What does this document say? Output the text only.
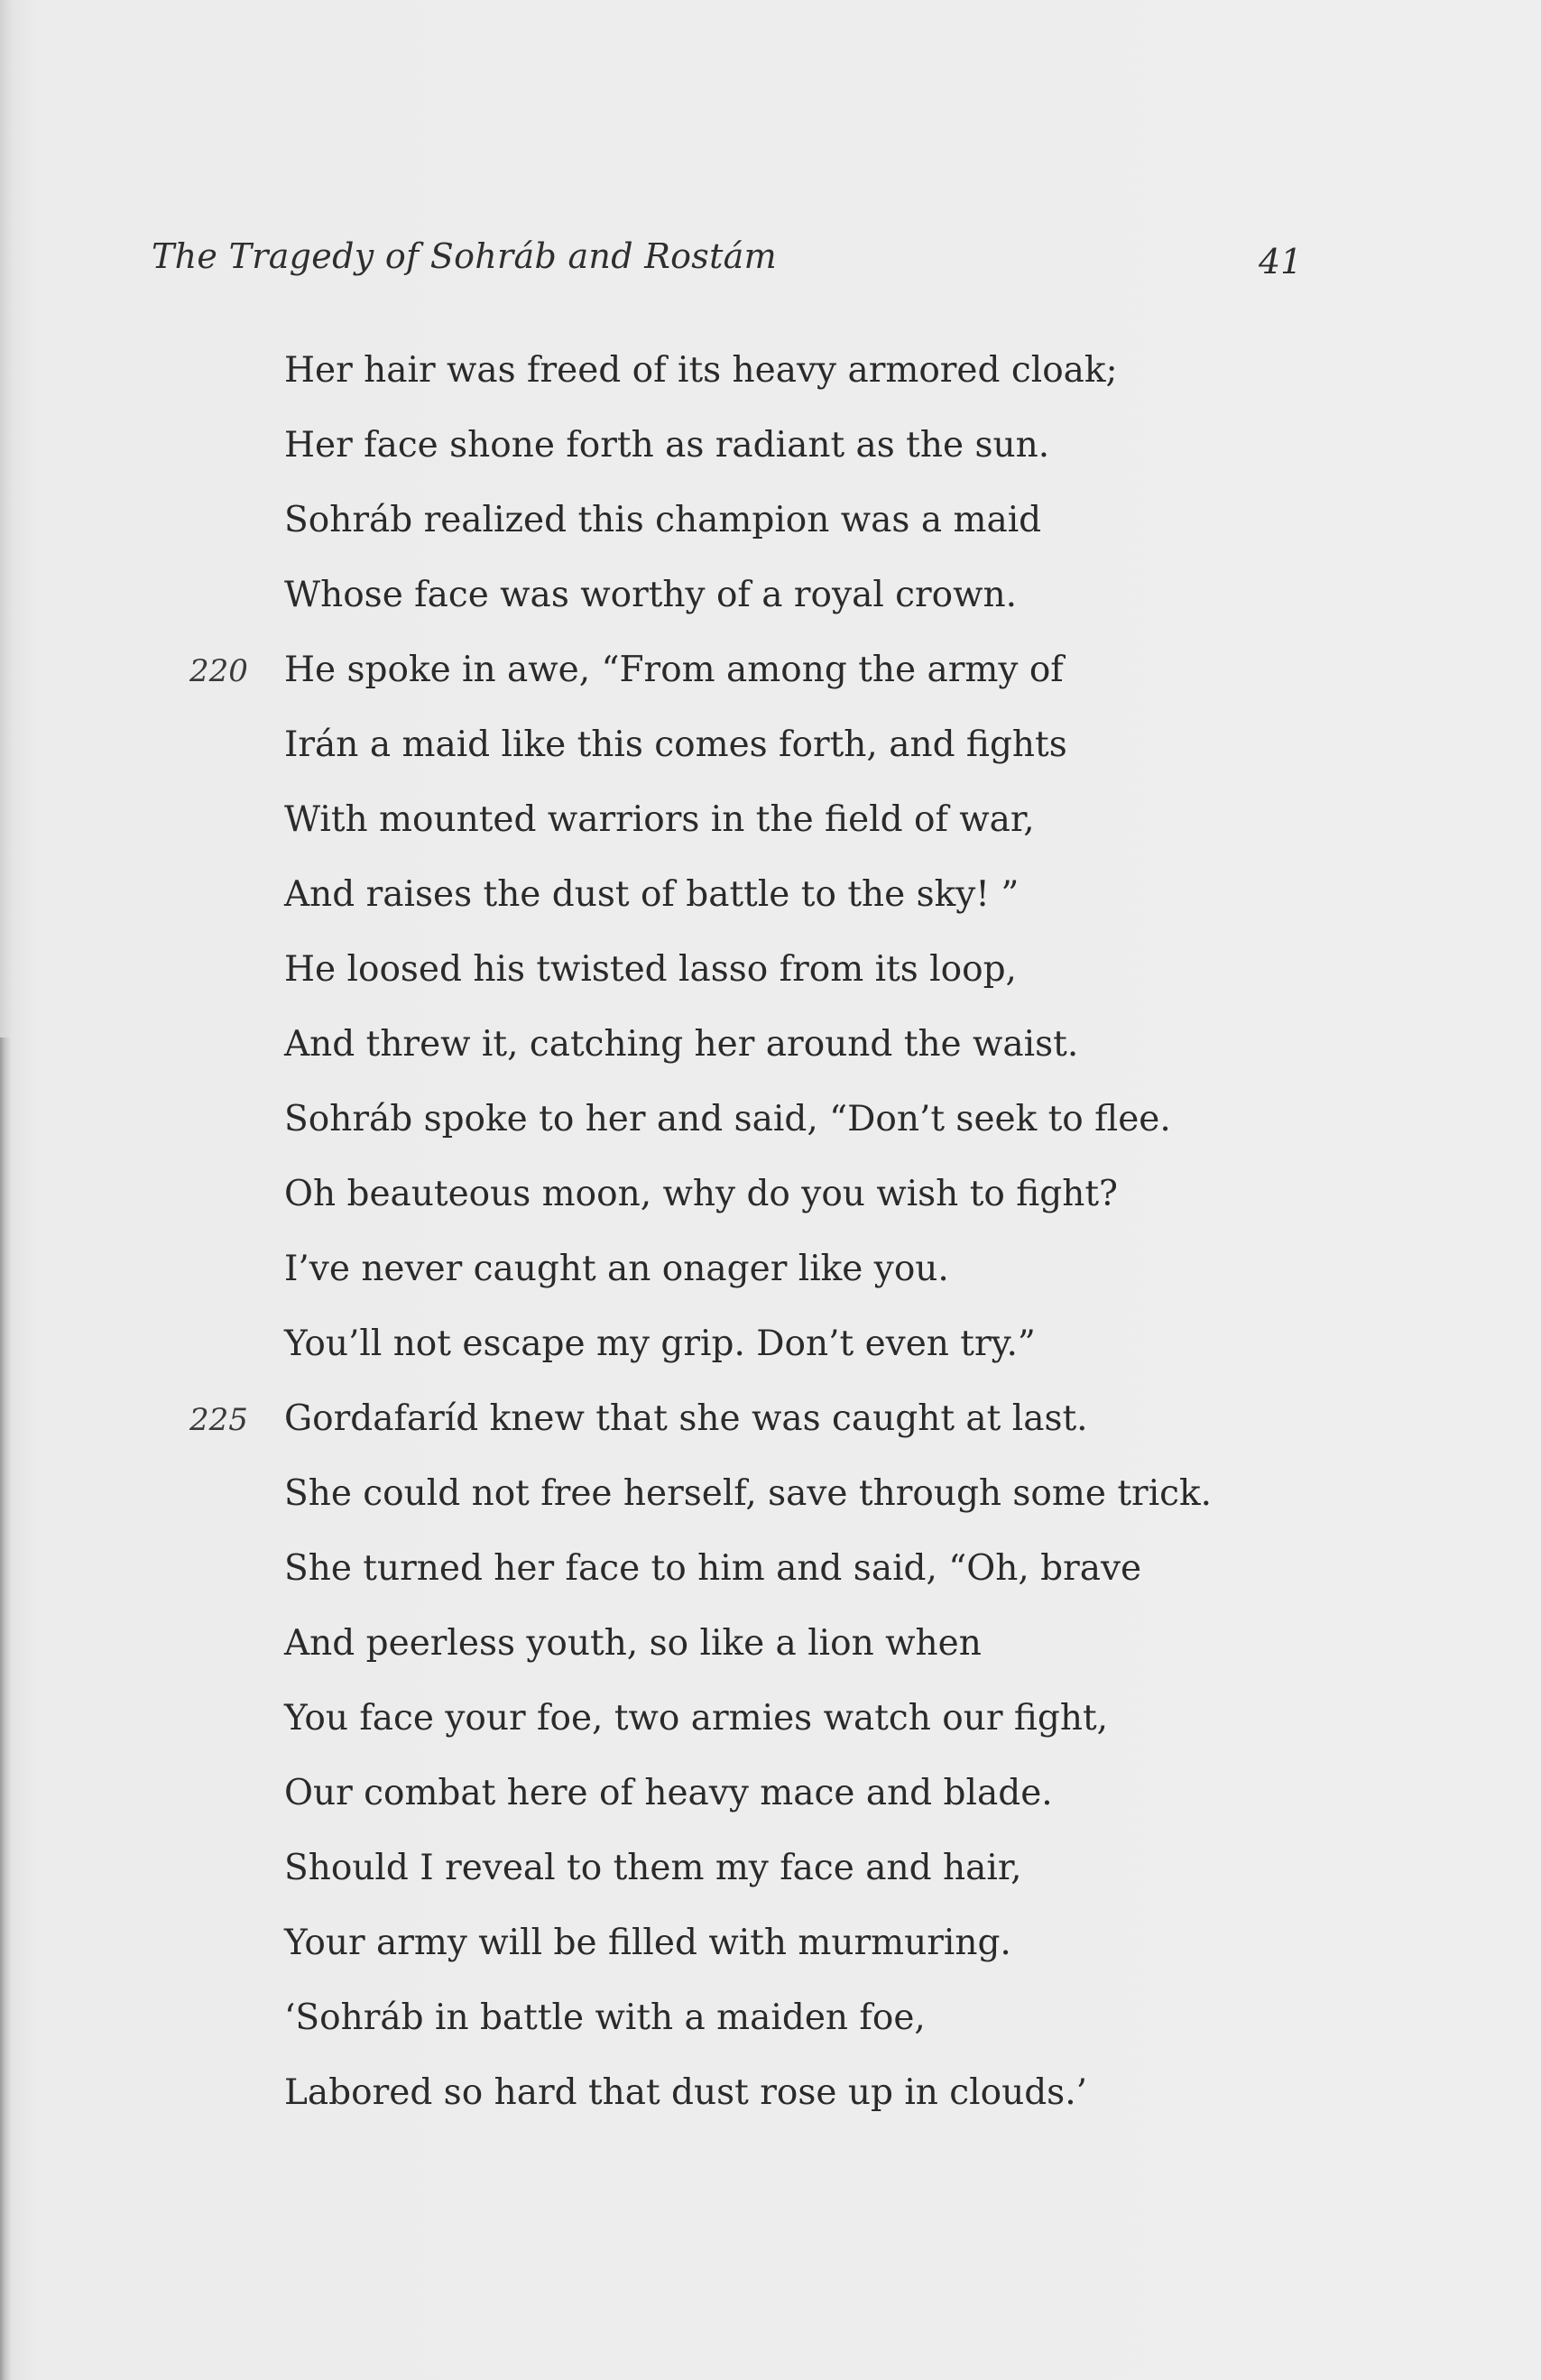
The Tragedy of Sohráb and Rostám	41
Her hair was freed of its heavy armored cloak;
Her face shone forth as radiant as the sun.
Sohráb realized this champion was a maid
Whose face was worthy of a royal crown.
220 He spoke in awe, “From among the army of
Irán a maid like this comes forth, and fights
With mounted warriors in the field of war,
And raises the dust of battle to the sky! ”
He loosed his twisted lasso from its loop,
And threw it, catching her around the waist.
Sohráb spoke to her and said, “Don’t seek to flee.
Oh beauteous moon, why do you wish to fight?
I’ve never caught an onager like you.
You’ll not escape my grip. Don’t even try.”
225 Gordafaríd knew that she was caught at last.
She could not free herself, save through some trick.
She turned her face to him and said, “Oh, brave
And peerless youth, so like a lion when
You face your foe, two armies watch our fight,
Our combat here of heavy mace and blade.
Should I reveal to them my face and hair,
Your army will be filled with murmuring.
‘Sohráb in battle with a maiden foe,
Labored so hard that dust rose up in clouds.’
